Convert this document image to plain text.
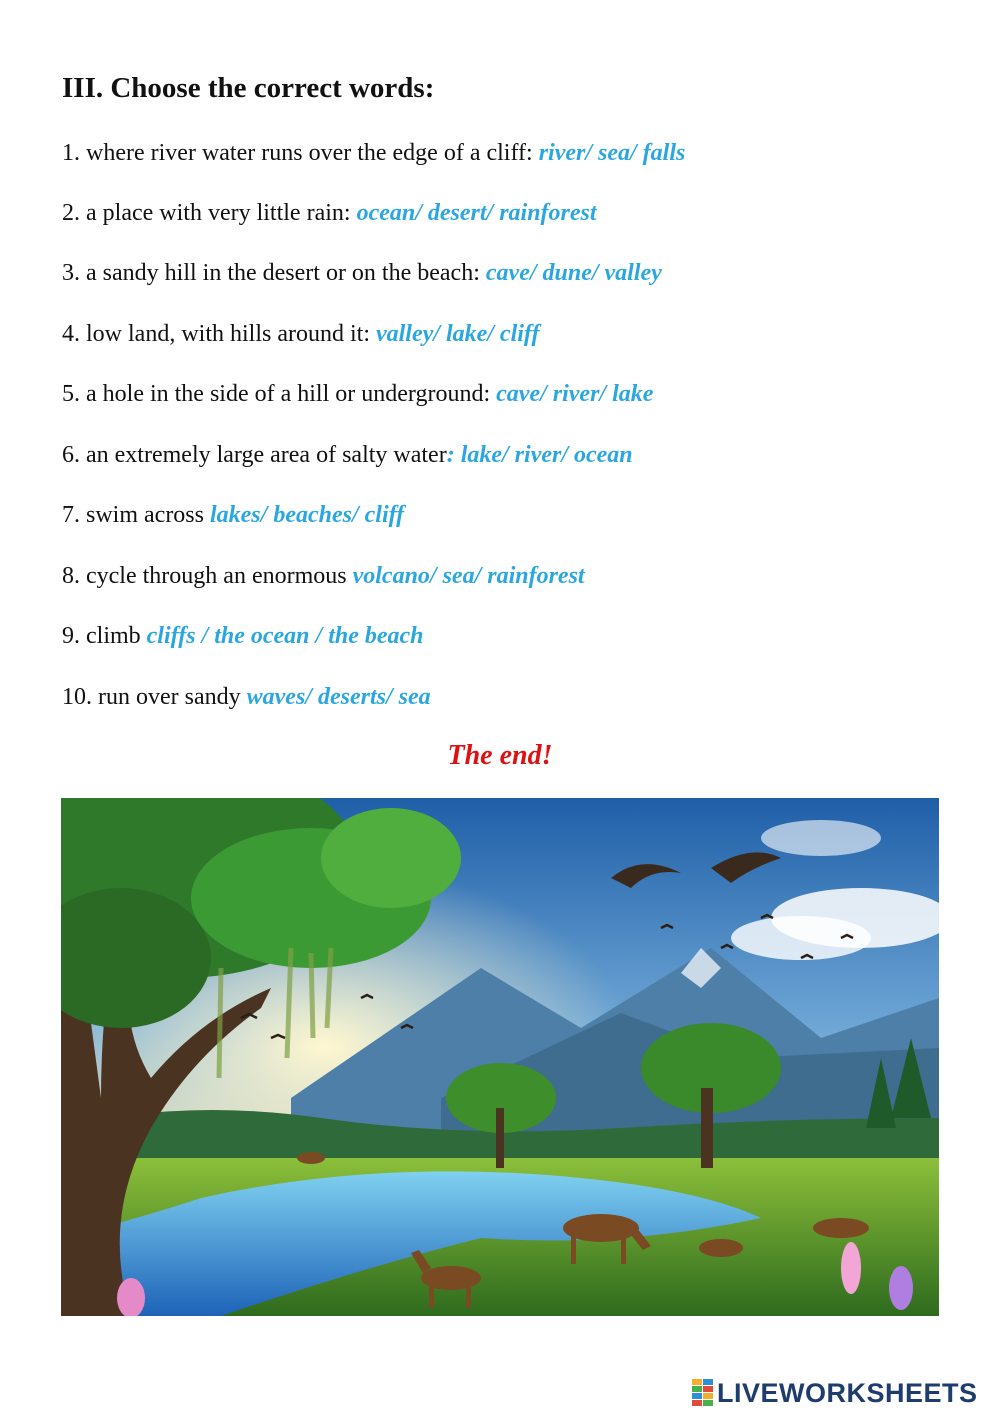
III. Choose the correct words:
1. where river water runs over the edge of a cliff: river/ sea/ falls
2. a place with very little rain: ocean/ desert/ rainforest
3. a sandy hill in the desert or on the beach: cave/ dune/ valley
4. low land, with hills around it: valley/ lake/ cliff
5. a hole in the side of a hill or underground: cave/ river/ lake
6. an extremely large area of salty water: lake/ river/ ocean
7. swim across lakes/ beaches/ cliff
8. cycle through an enormous volcano/ sea/ rainforest
9. climb cliffs / the ocean / the beach
10. run over sandy waves/ deserts/ sea
The end!
LIVEWORKSHEETS
